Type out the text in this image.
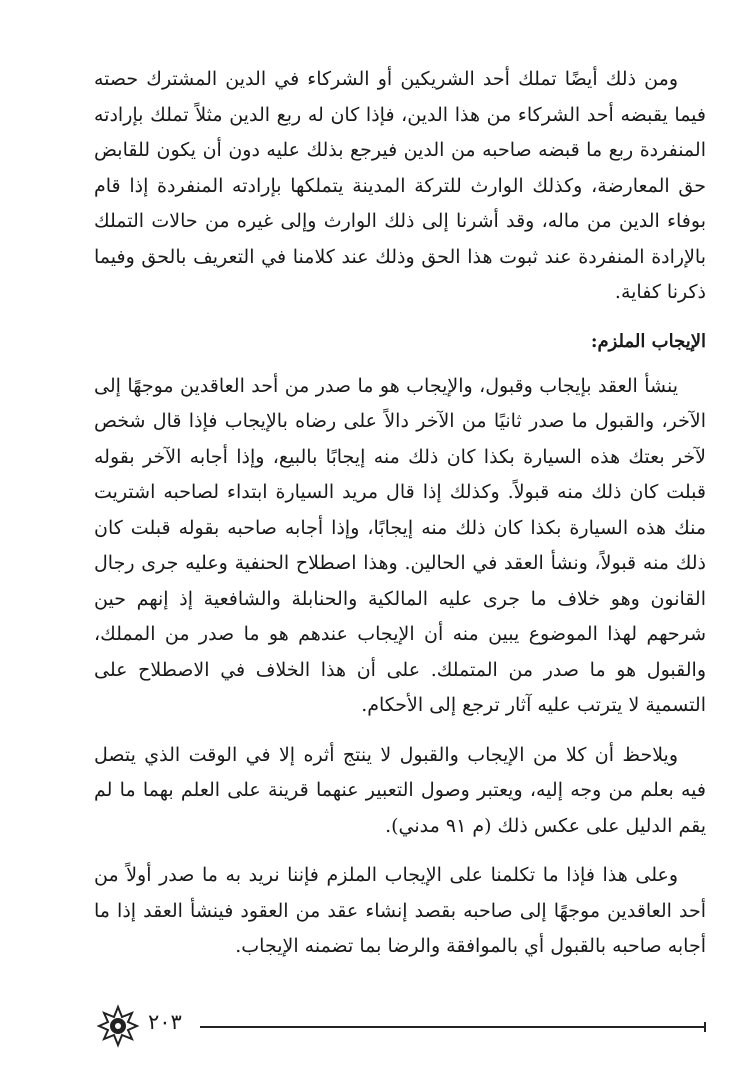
ومن ذلك أيضًا تملك أحد الشريكين أو الشركاء في الدين المشترك حصته فيما يقبضه أحد الشركاء من هذا الدين، فإذا كان له ربع الدين مثلاً تملك بإرادته المنفردة ربع ما قبضه صاحبه من الدين فيرجع بذلك عليه دون أن يكون للقابض حق المعارضة، وكذلك الوارث للتركة المدينة يتملكها بإرادته المنفردة إذا قام بوفاء الدين من ماله، وقد أشرنا إلى ذلك الوارث وإلى غيره من حالات التملك بالإرادة المنفردة عند ثبوت هذا الحق وذلك عند كلامنا في التعريف بالحق وفيما ذكرنا كفاية.

الإيجاب الملزم:

ينشأ العقد بإيجاب وقبول، والإيجاب هو ما صدر من أحد العاقدين موجهًا إلى الآخر، والقبول ما صدر ثانيًا من الآخر دالاً على رضاه بالإيجاب فإذا قال شخص لآخر بعتك هذه السيارة بكذا كان ذلك منه إيجابًا بالبيع، وإذا أجابه الآخر بقوله قبلت كان ذلك منه قبولاً. وكذلك إذا قال مريد السيارة ابتداء لصاحبه اشتريت منك هذه السيارة بكذا كان ذلك منه إيجابًا، وإذا أجابه صاحبه بقوله قبلت كان ذلك منه قبولاً، ونشأ العقد في الحالين. وهذا اصطلاح الحنفية وعليه جرى رجال القانون وهو خلاف ما جرى عليه المالكية والحنابلة والشافعية إذ إنهم حين شرحهم لهذا الموضوع يبين منه أن الإيجاب عندهم هو ما صدر من المملك، والقبول هو ما صدر من المتملك. على أن هذا الخلاف في الاصطلاح على التسمية لا يترتب عليه آثار ترجع إلى الأحكام.

ويلاحظ أن كلا من الإيجاب والقبول لا ينتج أثره إلا في الوقت الذي يتصل فيه بعلم من وجه إليه، ويعتبر وصول التعبير عنهما قرينة على العلم بهما ما لم يقم الدليل على عكس ذلك (م ٩١ مدني).

وعلى هذا فإذا ما تكلمنا على الإيجاب الملزم فإننا نريد به ما صدر أولاً من أحد العاقدين موجهًا إلى صاحبه بقصد إنشاء عقد من العقود فينشأ العقد إذا ما أجابه صاحبه بالقبول أي بالموافقة والرضا بما تضمنه الإيجاب.

٢٠٣
